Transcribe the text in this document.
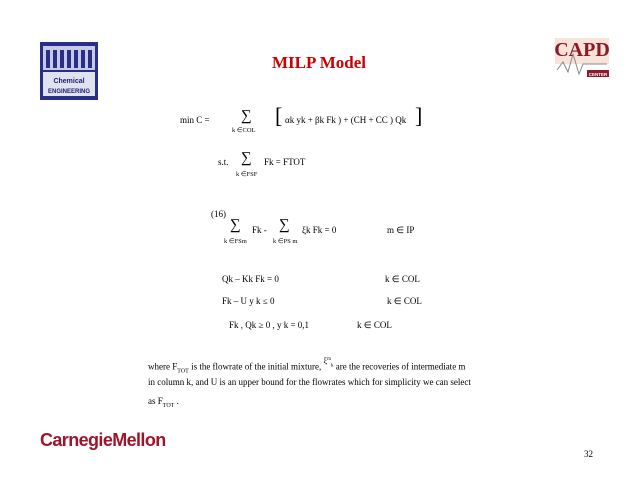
Chemical
ENGINEERING
CAPD
CENTER
MILP Model
min C = ∑
k ∈COL
[ αk yk + βk Fk ) + (CH + CC ) Qk ]
s.t. ∑
k ∈FSF
Fk = FTOT
(16)
∑
k ∈FSm
Fk - ∑
k ∈PS m
ξk Fk = 0	m ∈ IP
Qk – Kk Fk = 0	k ∈ COL
Fk – U y k ≤ 0	k ∈ COL
Fk , Qk ≥ 0 , y k = 0,1	k ∈ COL
where $F_{TOT}$ is the flowrate of the initial mixture, $\xi^m_k$ are the recoveries of intermediate m
in column k, and U is an upper bound for the flowrates which for simplicity we can select
as $F_{TOT}$ .
CarnegieMellon
32
